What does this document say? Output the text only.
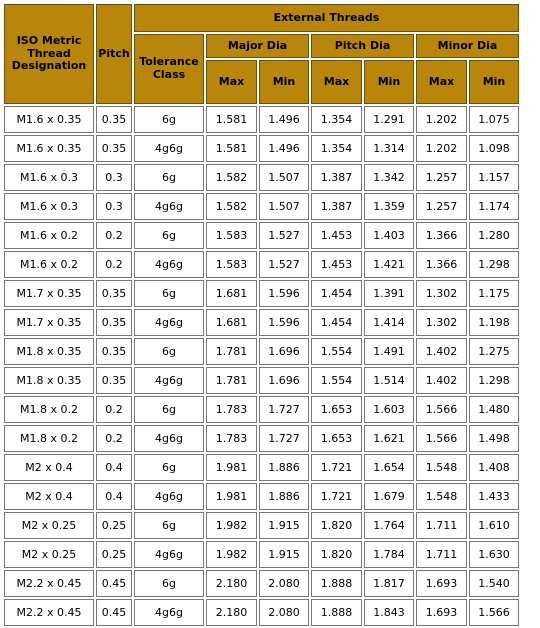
ISO Metric Thread Designation	Pitch	External Threads						
		Tolerance Class	Major Dia		Pitch Dia		Minor Dia	
			Max	Min	Max	Min	Max	Min
M1.6 x 0.35	0.35	6g	1.581	1.496	1.354	1.291	1.202	1.075
M1.6 x 0.35	0.35	4g6g	1.581	1.496	1.354	1.314	1.202	1.098
M1.6 x 0.3	0.3	6g	1.582	1.507	1.387	1.342	1.257	1.157
M1.6 x 0.3	0.3	4g6g	1.582	1.507	1.387	1.359	1.257	1.174
M1.6 x 0.2	0.2	6g	1.583	1.527	1.453	1.403	1.366	1.280
M1.6 x 0.2	0.2	4g6g	1.583	1.527	1.453	1.421	1.366	1.298
M1.7 x 0.35	0.35	6g	1.681	1.596	1.454	1.391	1.302	1.175
M1.7 x 0.35	0.35	4g6g	1.681	1.596	1.454	1.414	1.302	1.198
M1.8 x 0.35	0.35	6g	1.781	1.696	1.554	1.491	1.402	1.275
M1.8 x 0.35	0.35	4g6g	1.781	1.696	1.554	1.514	1.402	1.298
M1.8 x 0.2	0.2	6g	1.783	1.727	1.653	1.603	1.566	1.480
M1.8 x 0.2	0.2	4g6g	1.783	1.727	1.653	1.621	1.566	1.498
M2 x 0.4	0.4	6g	1.981	1.886	1.721	1.654	1.548	1.408
M2 x 0.4	0.4	4g6g	1.981	1.886	1.721	1.679	1.548	1.433
M2 x 0.25	0.25	6g	1.982	1.915	1.820	1.764	1.711	1.610
M2 x 0.25	0.25	4g6g	1.982	1.915	1.820	1.784	1.711	1.630
M2.2 x 0.45	0.45	6g	2.180	2.080	1.888	1.817	1.693	1.540
M2.2 x 0.45	0.45	4g6g	2.180	2.080	1.888	1.843	1.693	1.566
